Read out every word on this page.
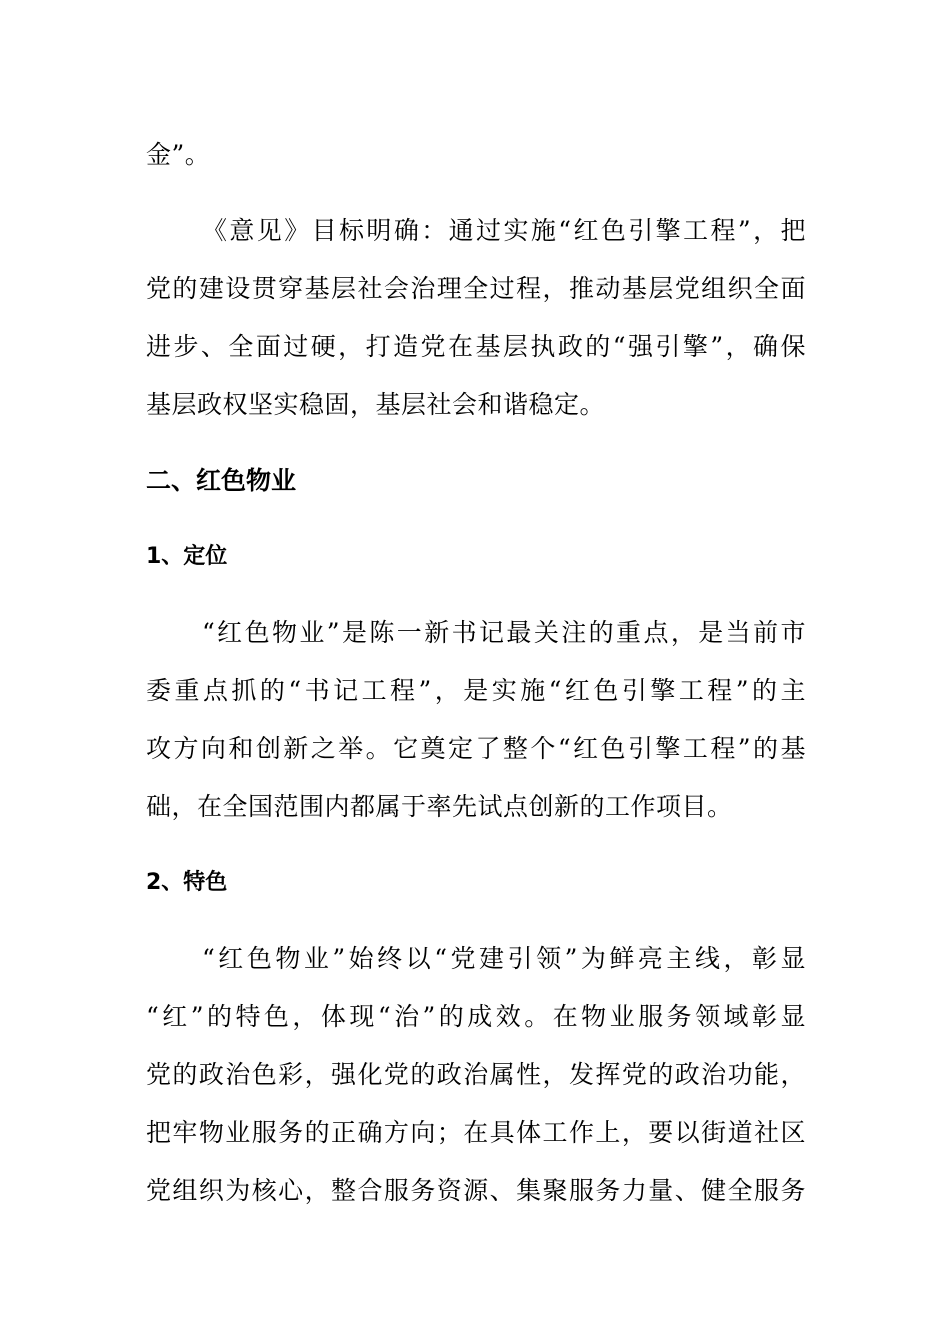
金”。
《意见》目标明确：通过实施“红色引擎工程”，把
党的建设贯穿基层社会治理全过程，推动基层党组织全面
进步、全面过硬，打造党在基层执政的“强引擎”，确保
基层政权坚实稳固，基层社会和谐稳定。
二、红色物业
1、定位
“红色物业”是陈一新书记最关注的重点，是当前市
委重点抓的“书记工程”，是实施“红色引擎工程”的主
攻方向和创新之举。它奠定了整个“红色引擎工程”的基
础，在全国范围内都属于率先试点创新的工作项目。
2、特色
“红色物业”始终以“党建引领”为鲜亮主线，彰显
“红”的特色，体现“治”的成效。在物业服务领域彰显
党的政治色彩，强化党的政治属性，发挥党的政治功能，
把牢物业服务的正确方向；在具体工作上，要以街道社区
党组织为核心，整合服务资源、集聚服务力量、健全服务
